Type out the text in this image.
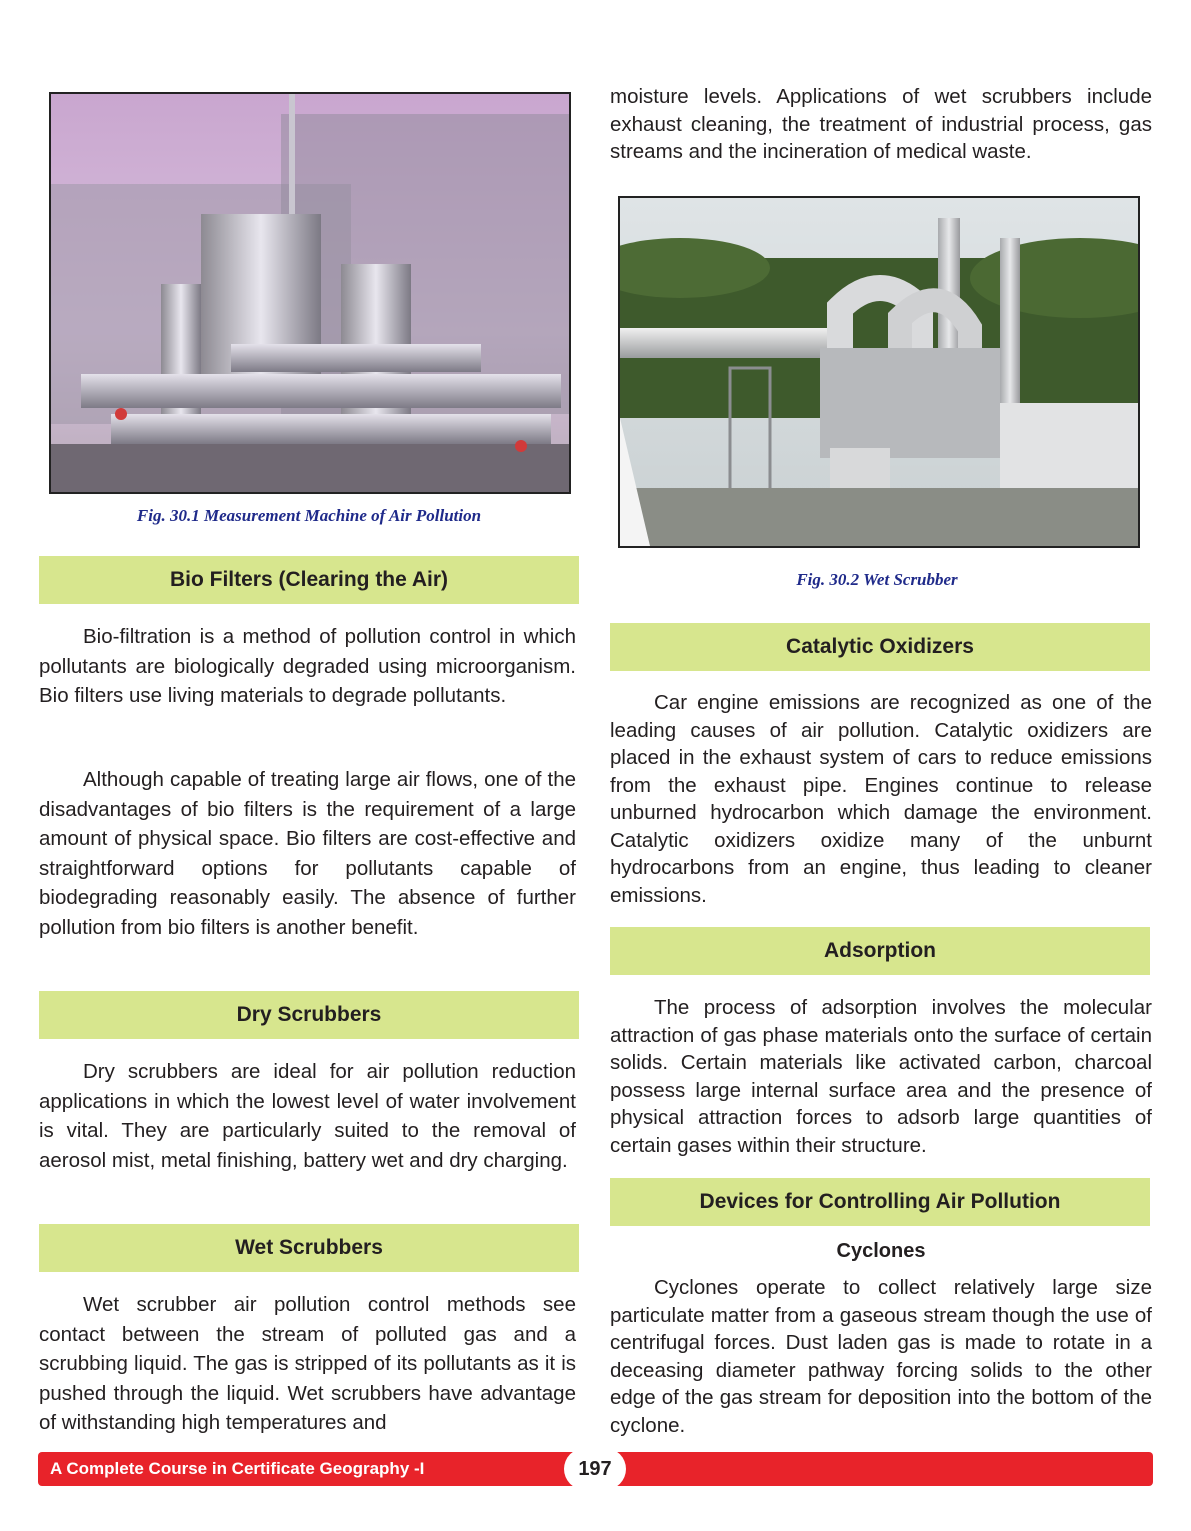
Fig. 30.1 Measurement Machine of Air Pollution
Bio Filters (Clearing the Air)

Bio-filtration is a method of pollution control in which pollutants are biologically degraded using microorganism. Bio filters use living materials to degrade pollutants.

Although capable of treating large air flows, one of the disadvantages of bio filters is the requirement of a large amount of physical space. Bio filters are cost-effective and straightforward options for pollutants capable of biodegrading reasonably easily. The absence of further pollution from bio filters is another benefit.

Dry Scrubbers

Dry scrubbers are ideal for air pollution reduction applications in which the lowest level of water involvement is vital. They are particularly suited to the removal of aerosol mist, metal finishing, battery wet and dry charging.

Wet Scrubbers

Wet scrubber air pollution control methods see contact between the stream of polluted gas and a scrubbing liquid. The gas is stripped of its pollutants as it is pushed through the liquid. Wet scrubbers have advantage of withstanding high temperatures and

moisture levels. Applications of wet scrubbers include exhaust cleaning, the treatment of industrial process, gas streams and the incineration of medical waste.

Fig. 30.2 Wet Scrubber
Catalytic Oxidizers

Car engine emissions are recognized as one of the leading causes of air pollution. Catalytic oxidizers are placed in the exhaust system of cars to reduce emissions from the exhaust pipe. Engines continue to release unburned hydrocarbon which damage the environment. Catalytic oxidizers oxidize many of the unburnt hydrocarbons from an engine, thus leading to cleaner emissions.

Adsorption

The process of adsorption involves the molecular attraction of gas phase materials onto the surface of certain solids. Certain materials like activated carbon, charcoal possess large internal surface area and the presence of physical attraction forces to adsorb large quantities of certain gases within their structure.

Devices for Controlling Air Pollution
Cyclones

Cyclones operate to collect relatively large size particulate matter from a gaseous stream though the use of centrifugal forces. Dust laden gas is made to rotate in a deceasing diameter pathway forcing solids to the other edge of the gas stream for deposition into the bottom of the cyclone.

A Complete Course in Certificate Geography -I	197
